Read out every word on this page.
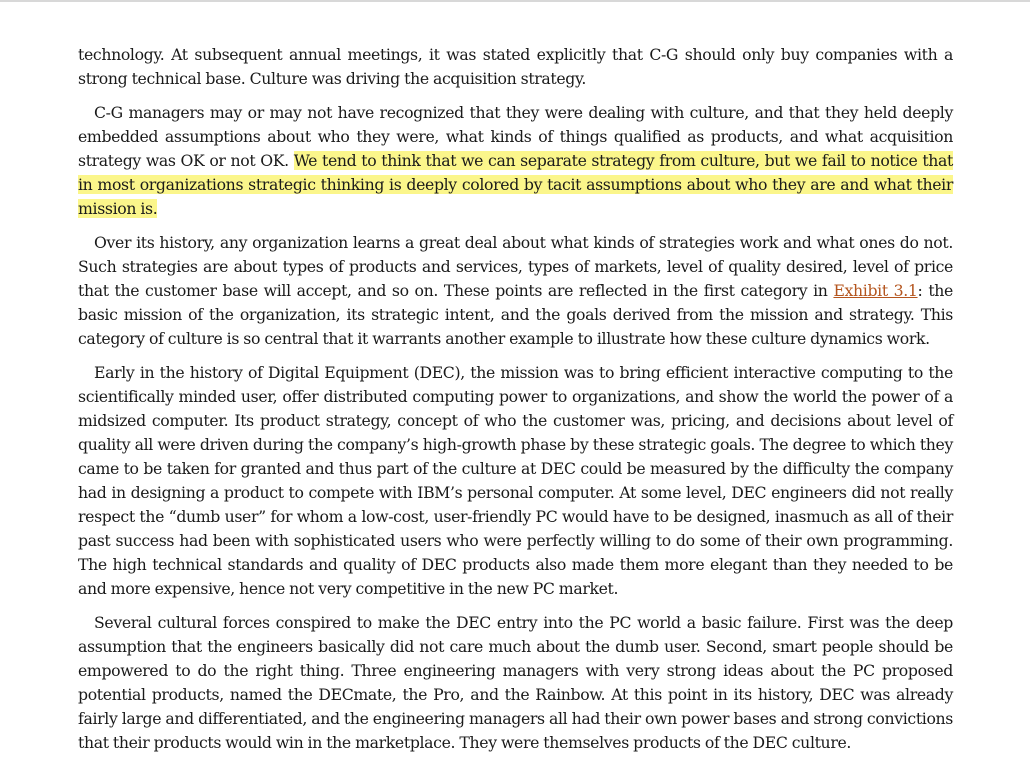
technology. At subsequent annual meetings, it was stated explicitly that C-G should only buy companies with a strong technical base. Culture was driving the acquisition strategy.

C-G managers may or may not have recognized that they were dealing with culture, and that they held deeply embedded assumptions about who they were, what kinds of things qualified as products, and what acquisition strategy was OK or not OK. We tend to think that we can separate strategy from culture, but we fail to notice that in most organizations strategic thinking is deeply colored by tacit assumptions about who they are and what their mission is.

Over its history, any organization learns a great deal about what kinds of strategies work and what ones do not. Such strategies are about types of products and services, types of markets, level of quality desired, level of price that the customer base will accept, and so on. These points are reflected in the first category in Exhibit 3.1: the basic mission of the organization, its strategic intent, and the goals derived from the mission and strategy. This category of culture is so central that it warrants another example to illustrate how these culture dynamics work.

Early in the history of Digital Equipment (DEC), the mission was to bring efficient interactive computing to the scientifically minded user, offer distributed computing power to organizations, and show the world the power of a midsized computer. Its product strategy, concept of who the customer was, pricing, and decisions about level of quality all were driven during the company’s high-growth phase by these strategic goals. The degree to which they came to be taken for granted and thus part of the culture at DEC could be measured by the difficulty the company had in designing a product to compete with IBM’s personal computer. At some level, DEC engineers did not really respect the “dumb user” for whom a low-cost, user-friendly PC would have to be designed, inasmuch as all of their past success had been with sophisticated users who were perfectly willing to do some of their own programming. The high technical standards and quality of DEC products also made them more elegant than they needed to be and more expensive, hence not very competitive in the new PC market.

Several cultural forces conspired to make the DEC entry into the PC world a basic failure. First was the deep assumption that the engineers basically did not care much about the dumb user. Second, smart people should be empowered to do the right thing. Three engineering managers with very strong ideas about the PC proposed potential products, named the DECmate, the Pro, and the Rainbow. At this point in its history, DEC was already fairly large and differentiated, and the engineering managers all had their own power bases and strong convictions that their products would win in the marketplace. They were themselves products of the DEC culture.
